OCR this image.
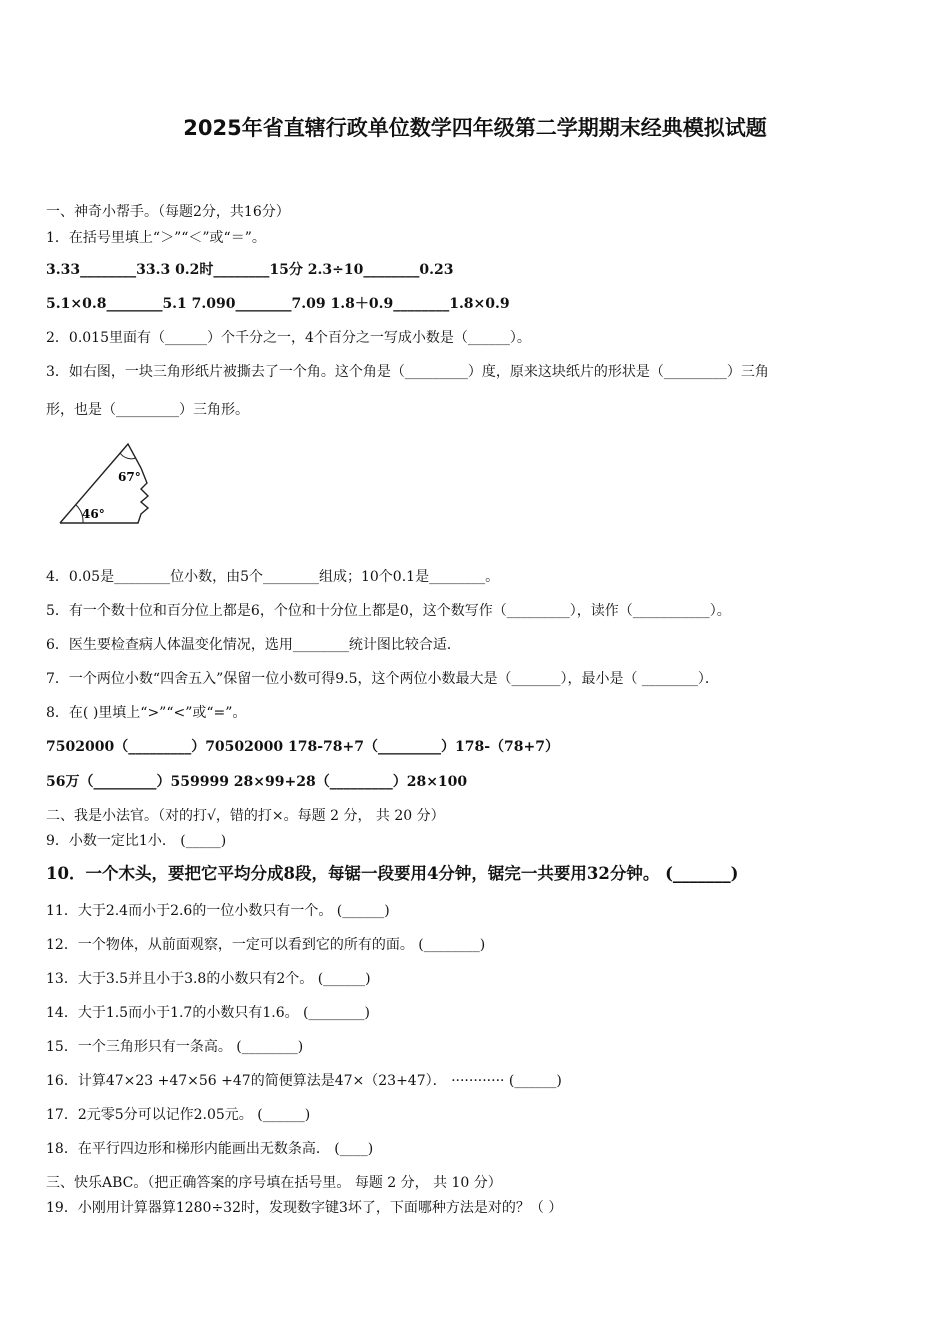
2025年省直辖行政单位数学四年级第二学期期末经典模拟试题
一、神奇小帮手。（每题2分，共16分）
1．在括号里填上“＞”“＜”或“＝”。
3.33________33.3 0.2时________15分 2.3÷10________0.23
5.1×0.8________5.1 7.090________7.09 1.8＋0.9________1.8×0.9
2．0.015里面有（______）个千分之一，4个百分之一写成小数是（______）。
3．如右图，一块三角形纸片被撕去了一个角。这个角是（_________）度，原来这块纸片的形状是（_________）三角
形，也是（_________）三角形。
67°
46°
4．0.05是________位小数，由5个________组成；10个0.1是________。
5．有一个数十位和百分位上都是6，个位和十分位上都是0，这个数写作（_________），读作（___________）。
6．医生要检查病人体温变化情况，选用________统计图比较合适．
7．一个两位小数“四舍五入”保留一位小数可得9.5，这个两位小数最大是（_______），最小是（ ________）．
8．在( )里填上“>”“<”或“=”。
7502000（_________）70502000 178-78+7（_________）178-（78+7）
56万（_________）559999 28×99+28（_________）28×100
二、我是小法官。（对的打√，错的打×。每题 2 分， 共 20 分）
9．小数一定比1小． (_____)
10．一个木头，要把它平均分成8段，每锯一段要用4分钟，锯完一共要用32分钟。 (_______)
11．大于2.4而小于2.6的一位小数只有一个。 (______)
12．一个物体，从前面观察，一定可以看到它的所有的面。 (________)
13．大于3.5并且小于3.8的小数只有2个。 (______)
14．大于1.5而小于1.7的小数只有1.6。 (________)
15．一个三角形只有一条高。 (________)
16．计算47×23 +47×56 +47的简便算法是47×（23+47）． ············ (______)
17．2元零5分可以记作2.05元。 (______)
18．在平行四边形和梯形内能画出无数条高． (____)
三、快乐ABC。（把正确答案的序号填在括号里。 每题 2 分， 共 10 分）
19．小刚用计算器算1280÷32时，发现数字键3坏了，下面哪种方法是对的？（ ）
